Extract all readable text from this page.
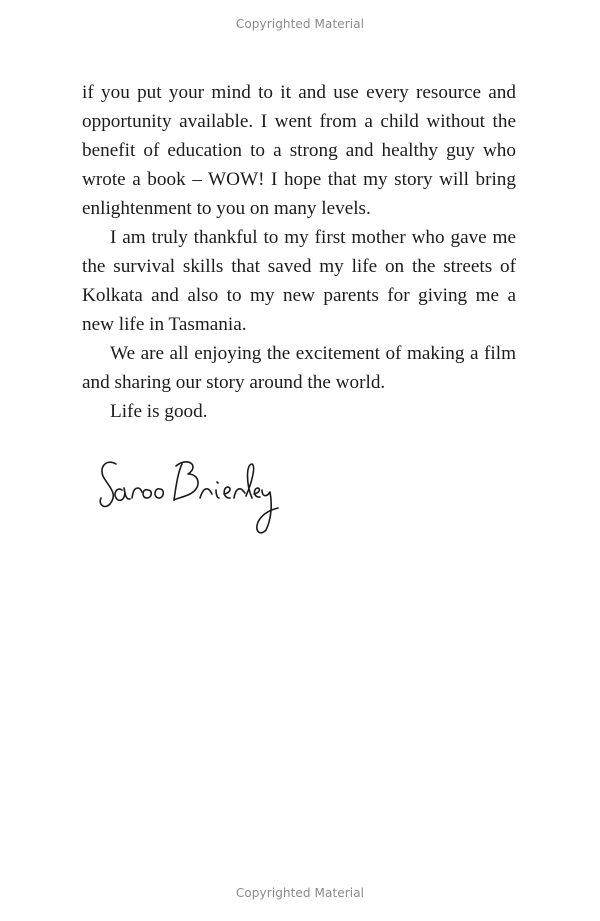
Copyrighted Material

if you put your mind to it and use every resource and opportunity available. I went from a child without the benefit of education to a strong and healthy guy who wrote a book – WOW! I hope that my story will bring enlightenment to you on many levels.

I am truly thankful to my first mother who gave me the survival skills that saved my life on the streets of Kolkata and also to my new parents for giving me a new life in Tasmania.

We are all enjoying the excitement of making a film and sharing our story around the world.

Life is good.

Copyrighted Material
